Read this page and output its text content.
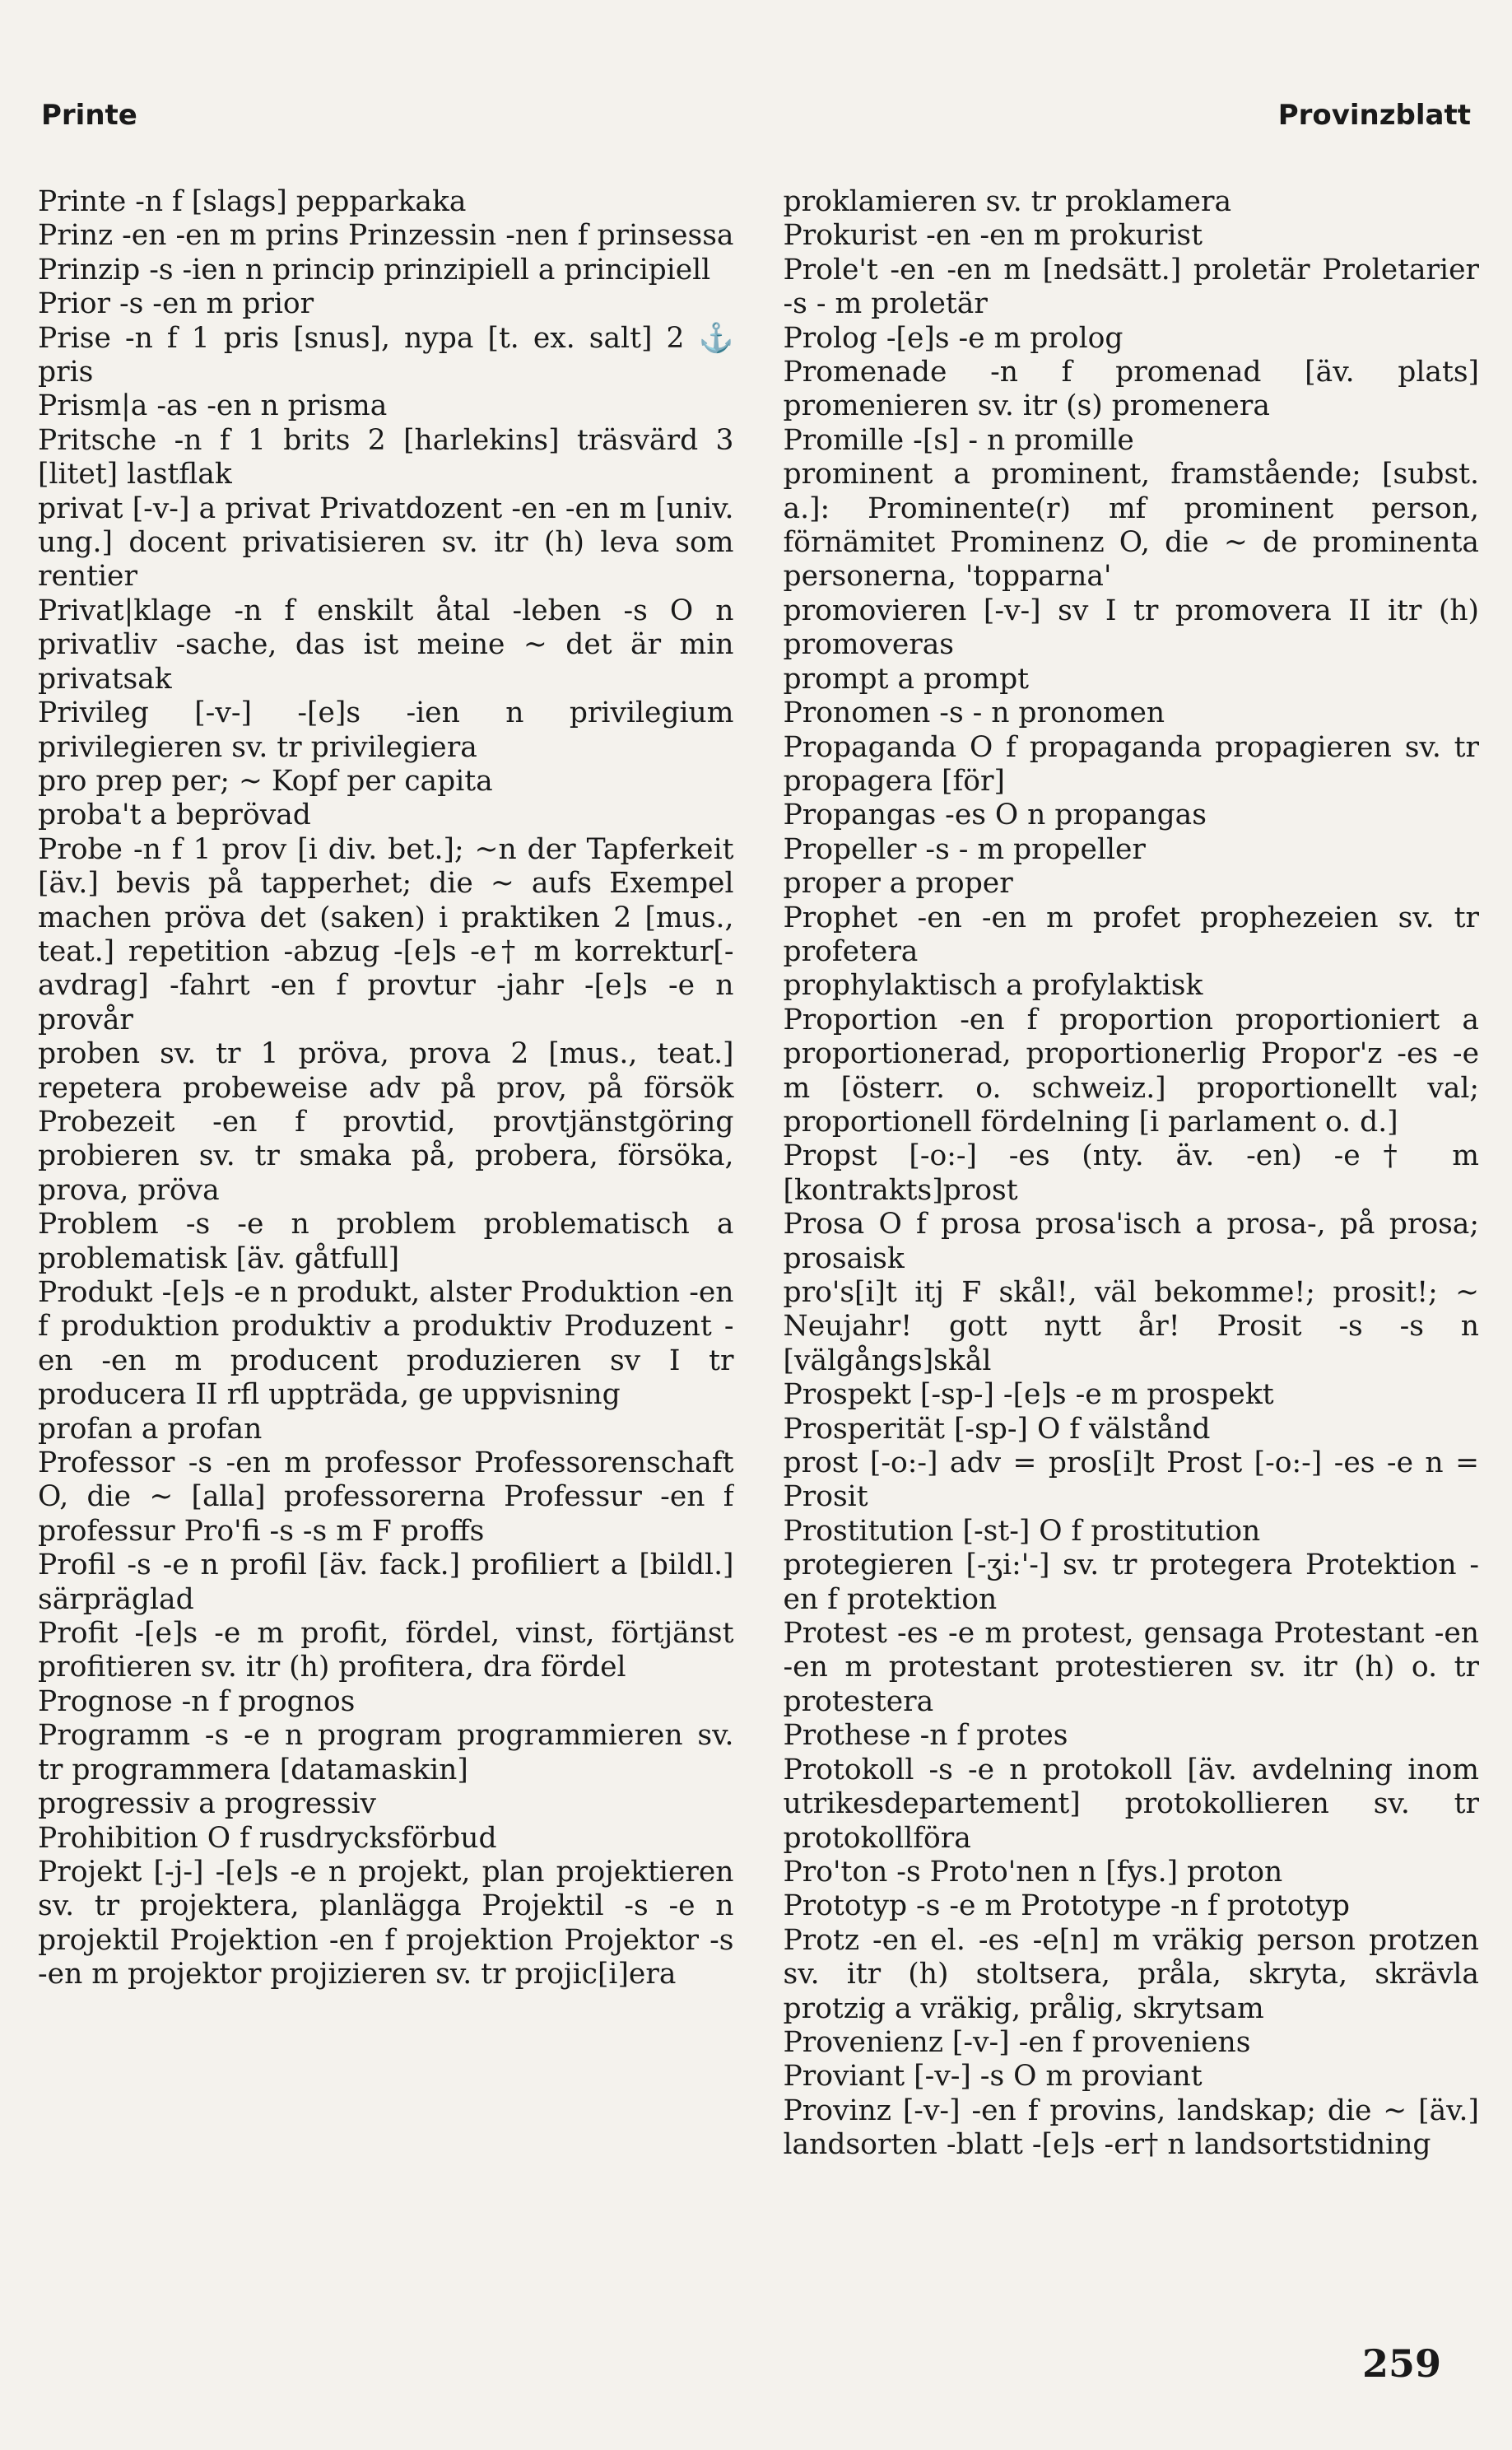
Printe	Provinzblatt

Printe -n f [slags] pepparkaka

Prinz -en -en m prins Prinzessin -nen f prinsessa Prinzip -s -ien n princip prinzipiell a principiell

Prior -s -en m prior

Prise -n f 1 pris [snus], nypa [t. ex. salt] 2 ⚓ pris

Prism|a -as -en n prisma

Pritsche -n f 1 brits 2 [harlekins] träsvärd 3 [litet] lastflak

privat [-v-] a privat Privatdozent -en -en m [univ. ung.] docent privatisieren sv. itr (h) leva som rentier

Privat|klage -n f enskilt åtal -leben -s O n privatliv -sache, das ist meine ~ det är min privatsak

Privileg [-v-] -[e]s -ien n privilegium privilegieren sv. tr privilegiera

pro prep per; ~ Kopf per capita

proba't a beprövad

Probe -n f 1 prov [i div. bet.]; ~n der Tapferkeit [äv.] bevis på tapperhet; die ~ aufs Exempel machen pröva det (saken) i praktiken 2 [mus., teat.] repetition -abzug -[e]s -e† m korrektur[-avdrag] -fahrt -en f provtur -jahr -[e]s -e n provår

proben sv. tr 1 pröva, prova 2 [mus., teat.] repetera probeweise adv på prov, på försök Probezeit -en f provtid, provtjänstgöring probieren sv. tr smaka på, probera, försöka, prova, pröva

Problem -s -e n problem problematisch a problematisk [äv. gåtfull]

Produkt -[e]s -e n produkt, alster Produktion -en f produktion produktiv a produktiv Produzent -en -en m producent produzieren sv I tr producera II rfl uppträda, ge uppvisning

profan a profan

Professor -s -en m professor Professorenschaft O, die ~ [alla] professorerna Professur -en f professur Pro'fi -s -s m F proffs

Profil -s -e n profil [äv. fack.] profiliert a [bildl.] särpräglad

Profit -[e]s -e m profit, fördel, vinst, förtjänst profitieren sv. itr (h) profitera, dra fördel

Prognose -n f prognos

Programm -s -e n program programmieren sv. tr programmera [datamaskin]

progressiv a progressiv

Prohibition O f rusdrycksförbud

Projekt [-j-] -[e]s -e n projekt, plan projektieren sv. tr projektera, planlägga Projektil -s -e n projektil Projektion -en f projektion Projektor -s -en m projektor projizieren sv. tr projic[i]era

proklamieren sv. tr proklamera

Prokurist -en -en m prokurist

Prole't -en -en m [nedsätt.] proletär Proletarier -s - m proletär

Prolog -[e]s -e m prolog

Promenade -n f promenad [äv. plats] promenieren sv. itr (s) promenera

Promille -[s] - n promille

prominent a prominent, framstående; [subst. a.]: Prominente(r) mf prominent person, förnämitet Prominenz O, die ~ de prominenta personerna, 'topparna'

promovieren [-v-] sv I tr promovera II itr (h) promoveras

prompt a prompt

Pronomen -s - n pronomen

Propaganda O f propaganda propagieren sv. tr propagera [för]

Propangas -es O n propangas

Propeller -s - m propeller

proper a proper

Prophet -en -en m profet prophezeien sv. tr profetera

prophylaktisch a profylaktisk

Proportion -en f proportion proportioniert a proportionerad, proportionerlig Propor'z -es -e m [österr. o. schweiz.] proportionellt val; proportionell fördelning [i parlament o. d.]

Propst [-o:-] -es (nty. äv. -en) -e† m [kontrakts]prost

Prosa O f prosa prosa'isch a prosa-, på prosa; prosaisk

pro's[i]t itj F skål!, väl bekomme!; prosit!; ~ Neujahr! gott nytt år! Prosit -s -s n [välgångs]skål

Prospekt [-sp-] -[e]s -e m prospekt

Prosperität [-sp-] O f välstånd

prost [-o:-] adv = pros[i]t Prost [-o:-] -es -e n = Prosit

Prostitution [-st-] O f prostitution

protegieren [-ʒi:'-] sv. tr protegera Protektion -en f protektion

Protest -es -e m protest, gensaga Protestant -en -en m protestant protestieren sv. itr (h) o. tr protestera

Prothese -n f protes

Protokoll -s -e n protokoll [äv. avdelning inom utrikesdepartement] protokollieren sv. tr protokollföra

Pro'ton -s Proto'nen n [fys.] proton

Prototyp -s -e m Prototype -n f prototyp

Protz -en el. -es -e[n] m vräkig person protzen sv. itr (h) stoltsera, pråla, skryta, skrävla protzig a vräkig, prålig, skrytsam

Provenienz [-v-] -en f proveniens

Proviant [-v-] -s O m proviant

Provinz [-v-] -en f provins, landskap; die ~ [äv.] landsorten -blatt -[e]s -er† n landsortstidning

259
